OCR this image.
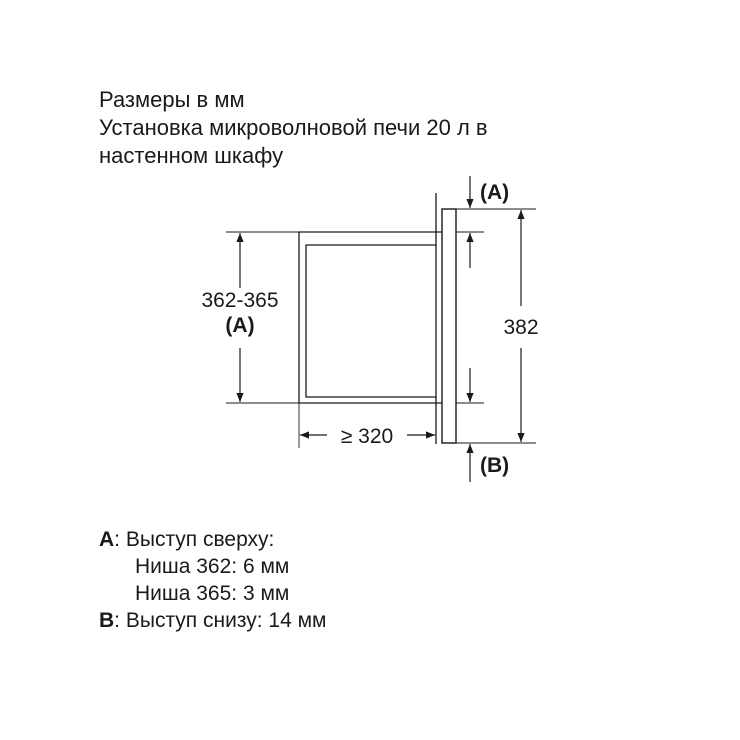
Размеры в мм
Установка микроволновой печи 20 л в
настенном шкафу
362-365
(A)
≥ 320
(A)
(B)
382
A: Выступ сверху:
Ниша 362: 6 мм
Ниша 365: 3 мм
B: Выступ снизу: 14 мм
